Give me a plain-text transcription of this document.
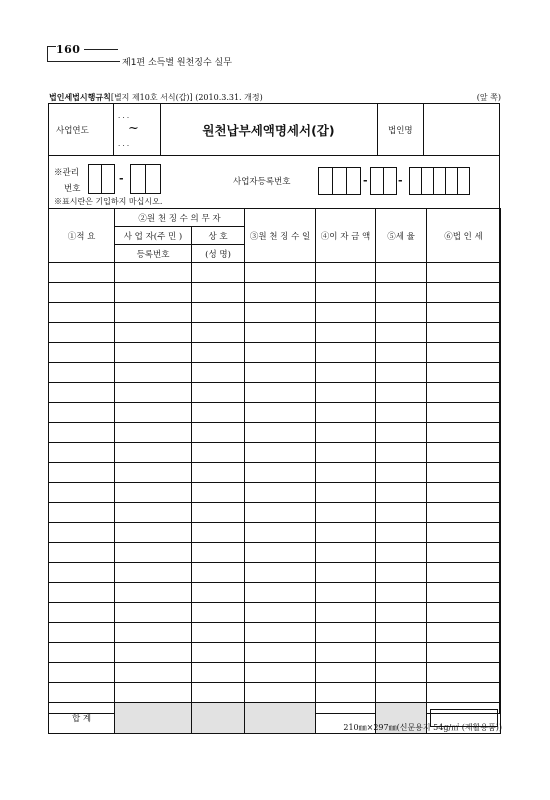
160
제1편 소득별 원천징수 실무
법인세법시행규칙[별지 제10호 서식(갑)] (2010.3.31. 개정)	(앞 쪽)
사업연도
. . .
~
. . .
원천납부세액명세서(갑)	법인명
※관리
번호
-	사업자등록번호	-	-
※표시란은 기입하지 마십시오.
①적 요	②원 천 징 수 의 무 자		③원 천 징 수 일	④이 자 금 액	⑤세 율	⑥법 인 세
	사 업 자(주 민 )	상 호				
	등록번호	(성 명)				

합 계						
210㎜×297㎜(신문용지 54g/㎡ (재활용품))
